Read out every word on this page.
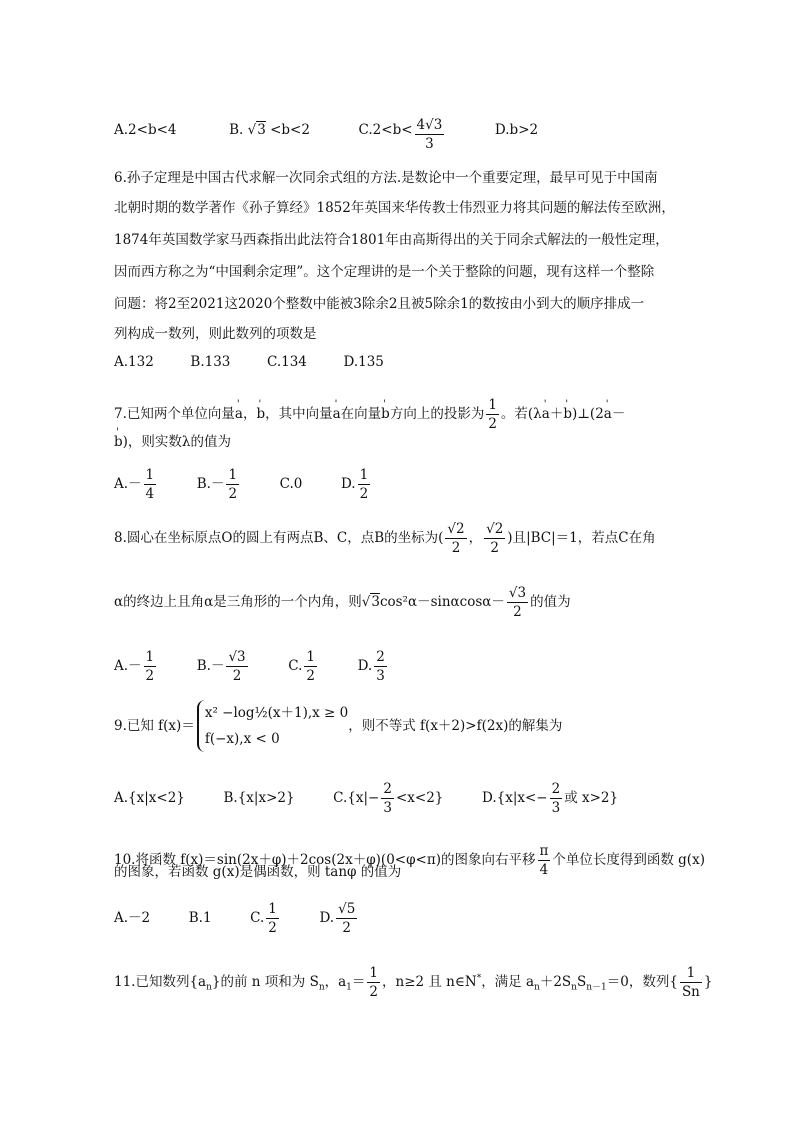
A.2<b<4	B. √3 <b<2	$C.2<b< \frac{4√3}{3}$	D.b>2
6.孙子定理是中国古代求解一次同余式组的方法.是数论中一个重要定理，最早可见于中国南
北朝时期的数学著作《孙子算经》1852年英国来华传教士伟烈亚力将其问题的解法传至欧洲，
1874年英国数学家马西森指出此法符合1801年由高斯得出的关于同余式解法的一般性定理，
因而西方称之为“中国剩余定理”。这个定理讲的是一个关于整除的问题，现有这样一个整除
问题：将2至2021这2020个整数中能被3除余2且被5除余1的数按由小到大的顺序排成一
列构成一数列，则此数列的项数是
A.132	B.133	C.134	D.135
7.已知两个单位向量' a，' b，其中向量' a在向量' b方向上的投影为 $\frac{1}{2}$ 。若(λ' a＋' b)⊥(2' a－
' b)，则实数λ的值为
$A.- \frac{1}{4}$	$B.- \frac{1}{2}$	C.0	D. $\frac{1}{2}$
8.圆心在坐标原点O的圆上有两点B、C，点B的坐标为( $\frac{√2}{2}$ ， $\frac{√2}{2}$ )且|BC|＝1，若点C在角
α的终边上且角α是三角形的一个内角，则$√3\cos^2\alpha-\sin\alpha\cos\alpha- \frac{√3}{2}$ 的值为
$A.- \frac{1}{2}$	$B.- \frac{√3}{2}$	C. $\frac{1}{2}$	D. $\frac{2}{3}$
9.已知 f(x)＝
x² −log½(x＋1),x ≥ 0
f(−x),x < 0
，则不等式 f(x＋2)>f(2x)的解集为
A.{x|x<2}	B.{x|x>2}	$C.\{x|- \frac{2}{3} <x<2\}$	$D.\{x|x<- \frac{2}{3}$ 或 x>2}
10.将函数 f(x)＝sin(2x＋φ)＋2cos(2x＋φ)(0<φ<π)的图象向右平移 $\frac{\pi}{4}$ 个单位长度得到函数 g(x)
的图象，若函数 g(x)是偶函数，则 tanφ 的值为
A.－2	B.1	C. $\frac{1}{2}$	D. $\frac{√5}{2}$
11.已知数列$\{a_n\}$的前 n 项和为 $S_n$，$a_1= \frac{1}{2}$ ，n≥2 且 n∈N*，满足 $a_n+2S_nS_{n-1}=0$，数列{ $\frac{1}{Sn}$ }
